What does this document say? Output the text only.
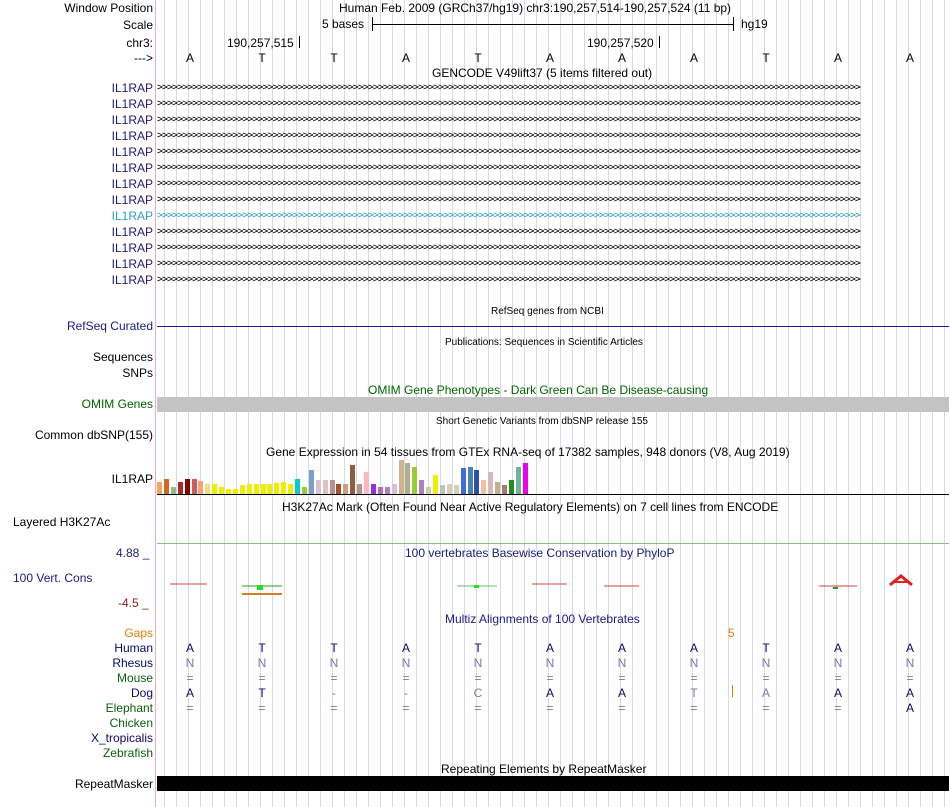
Window Position	Human Feb. 2009 (GRCh37/hg19) chr3:190,257,514-190,257,524 (11 bp)
Scale	5 bases	hg19
chr3:	190,257,515	190,257,520
--->	A	T	T	A	T	A	A	A	T	A	A
GENCODE V49lift37 (5 items filtered out)
IL1RAP >>>>>>>>>>>>>>>>>>>>>>>>>>>>>>>>>>>>>>>>>>>>>>>>>>>>>>>>>>>>>>>>>>>>>>>>>>>>>>>>>>>>>>>>>>>>>>>>>>>>>>>>>>>>>>>>>>>>>>>>>>>>>>>>>>>>>>>>>>>>
IL1RAP >>>>>>>>>>>>>>>>>>>>>>>>>>>>>>>>>>>>>>>>>>>>>>>>>>>>>>>>>>>>>>>>>>>>>>>>>>>>>>>>>>>>>>>>>>>>>>>>>>>>>>>>>>>>>>>>>>>>>>>>>>>>>>>>>>>>>>>>>>>>
IL1RAP >>>>>>>>>>>>>>>>>>>>>>>>>>>>>>>>>>>>>>>>>>>>>>>>>>>>>>>>>>>>>>>>>>>>>>>>>>>>>>>>>>>>>>>>>>>>>>>>>>>>>>>>>>>>>>>>>>>>>>>>>>>>>>>>>>>>>>>>>>>>
IL1RAP >>>>>>>>>>>>>>>>>>>>>>>>>>>>>>>>>>>>>>>>>>>>>>>>>>>>>>>>>>>>>>>>>>>>>>>>>>>>>>>>>>>>>>>>>>>>>>>>>>>>>>>>>>>>>>>>>>>>>>>>>>>>>>>>>>>>>>>>>>>>
IL1RAP >>>>>>>>>>>>>>>>>>>>>>>>>>>>>>>>>>>>>>>>>>>>>>>>>>>>>>>>>>>>>>>>>>>>>>>>>>>>>>>>>>>>>>>>>>>>>>>>>>>>>>>>>>>>>>>>>>>>>>>>>>>>>>>>>>>>>>>>>>>>
IL1RAP >>>>>>>>>>>>>>>>>>>>>>>>>>>>>>>>>>>>>>>>>>>>>>>>>>>>>>>>>>>>>>>>>>>>>>>>>>>>>>>>>>>>>>>>>>>>>>>>>>>>>>>>>>>>>>>>>>>>>>>>>>>>>>>>>>>>>>>>>>>>
IL1RAP >>>>>>>>>>>>>>>>>>>>>>>>>>>>>>>>>>>>>>>>>>>>>>>>>>>>>>>>>>>>>>>>>>>>>>>>>>>>>>>>>>>>>>>>>>>>>>>>>>>>>>>>>>>>>>>>>>>>>>>>>>>>>>>>>>>>>>>>>>>>
IL1RAP >>>>>>>>>>>>>>>>>>>>>>>>>>>>>>>>>>>>>>>>>>>>>>>>>>>>>>>>>>>>>>>>>>>>>>>>>>>>>>>>>>>>>>>>>>>>>>>>>>>>>>>>>>>>>>>>>>>>>>>>>>>>>>>>>>>>>>>>>>>>
IL1RAP >>>>>>>>>>>>>>>>>>>>>>>>>>>>>>>>>>>>>>>>>>>>>>>>>>>>>>>>>>>>>>>>>>>>>>>>>>>>>>>>>>>>>>>>>>>>>>>>>>>>>>>>>>>>>>>>>>>>>>>>>>>>>>>>>>>>>>>>>>>>
IL1RAP >>>>>>>>>>>>>>>>>>>>>>>>>>>>>>>>>>>>>>>>>>>>>>>>>>>>>>>>>>>>>>>>>>>>>>>>>>>>>>>>>>>>>>>>>>>>>>>>>>>>>>>>>>>>>>>>>>>>>>>>>>>>>>>>>>>>>>>>>>>>
IL1RAP >>>>>>>>>>>>>>>>>>>>>>>>>>>>>>>>>>>>>>>>>>>>>>>>>>>>>>>>>>>>>>>>>>>>>>>>>>>>>>>>>>>>>>>>>>>>>>>>>>>>>>>>>>>>>>>>>>>>>>>>>>>>>>>>>>>>>>>>>>>>
IL1RAP >>>>>>>>>>>>>>>>>>>>>>>>>>>>>>>>>>>>>>>>>>>>>>>>>>>>>>>>>>>>>>>>>>>>>>>>>>>>>>>>>>>>>>>>>>>>>>>>>>>>>>>>>>>>>>>>>>>>>>>>>>>>>>>>>>>>>>>>>>>>
IL1RAP >>>>>>>>>>>>>>>>>>>>>>>>>>>>>>>>>>>>>>>>>>>>>>>>>>>>>>>>>>>>>>>>>>>>>>>>>>>>>>>>>>>>>>>>>>>>>>>>>>>>>>>>>>>>>>>>>>>>>>>>>>>>>>>>>>>>>>>>>>>>
RefSeq genes from NCBI
RefSeq Curated
Publications: Sequences in Scientific Articles
Sequences
SNPs
OMIM Gene Phenotypes - Dark Green Can Be Disease-causing
OMIM Genes
Short Genetic Variants from dbSNP release 155
Common dbSNP(155)
Gene Expression in 54 tissues from GTEx RNA-seq of 17382 samples, 948 donors (V8, Aug 2019)
IL1RAP
H3K27Ac Mark (Often Found Near Active Regulatory Elements) on 7 cell lines from ENCODE
Layered H3K27Ac
4.88 _	100 vertebrates Basewise Conservation by PhyloP
100 Vert. Cons
-4.5 _
Multiz Alignments of 100 Vertebrates
Gaps	5
Human	A	T	T	A	T	A	A	A	T	A	A
Rhesus	N	N	N	N	N	N	N	N	N	N	N
Mouse	=	=	=	=	=	=	=	=	=	=	=
Dog	A	T	-	-	C	A	A	T	A	A	A
Elephant	=	=	=	=	=	=	=	=	=	=	A
Chicken
X_tropicalis
Zebrafish
Repeating Elements by RepeatMasker
RepeatMasker
